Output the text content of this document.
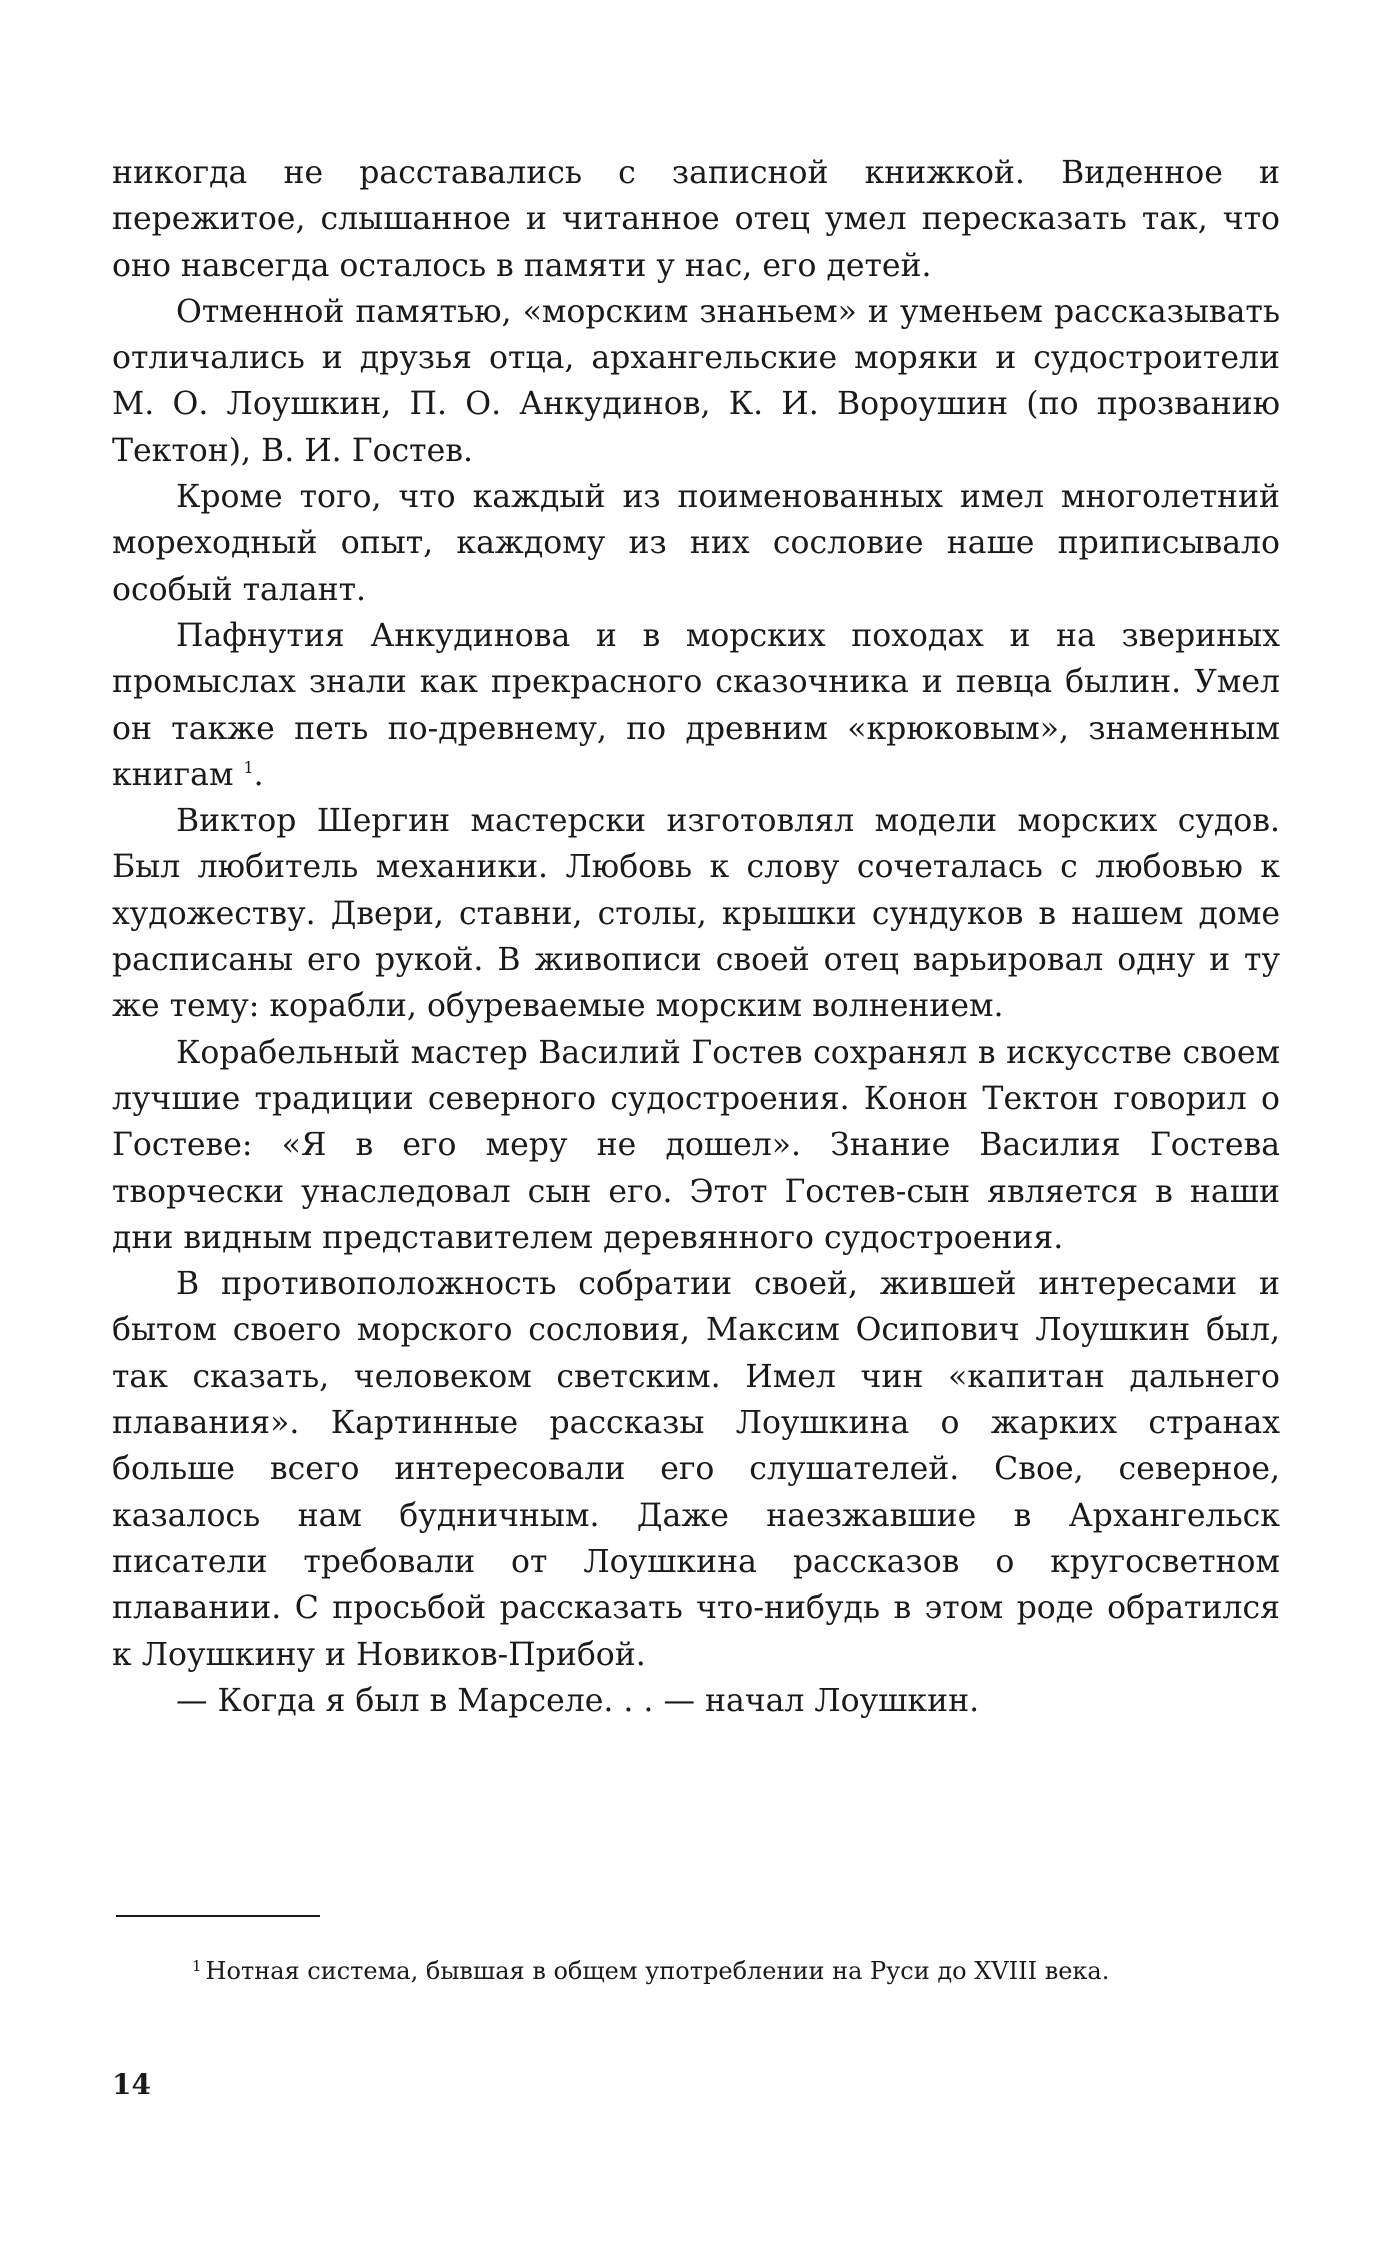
никогда не расставались с записной книжкой. Виденное и пережитое, слышанное и читанное отец умел пересказать так, что оно навсегда осталось в памяти у нас, его детей.

Отменной памятью, «морским знаньем» и уменьем рассказывать отличались и друзья отца, архангельские моряки и судостроители М. О. Лоушкин, П. О. Анкудинов, К. И. Вороушин (по прозванию Тектон), В. И. Гостев.

Кроме того, что каждый из поименованных имел многолетний мореходный опыт, каждому из них сословие наше приписывало особый талант.

Пафнутия Анкудинова и в морских походах и на звериных промыслах знали как прекрасного сказочника и певца былин. Умел он также петь по-древнему, по древним «крюковым», знаменным книгам $^1$.

Виктор Шергин мастерски изготовлял модели морских судов. Был любитель механики. Любовь к слову сочеталась с любовью к художеству. Двери, ставни, столы, крышки сундуков в нашем доме расписаны его рукой. В живописи своей отец варьировал одну и ту же тему: корабли, обуреваемые морским волнением.

Корабельный мастер Василий Гостев сохранял в искусстве своем лучшие традиции северного судостроения. Конон Тектон говорил о Гостеве: «Я в его меру не дошел». Знание Василия Гостева творчески унаследовал сын его. Этот Гостев-сын является в наши дни видным представителем деревянного судостроения.

В противоположность собратии своей, жившей интересами и бытом своего морского сословия, Максим Осипович Лоушкин был, так сказать, человеком светским. Имел чин «капитан дальнего плавания». Картинные рассказы Лоушкина о жарких странах больше всего интересовали его слушателей. Свое, северное, казалось нам будничным. Даже наезжавшие в Архангельск писатели требовали от Лоушкина рассказов о кругосветном плавании. С просьбой рассказать что-нибудь в этом роде обратился к Лоушкину и Новиков-Прибой.

— Когда я был в Марселе. . . — начал Лоушкин.

$^1$ Нотная система, бывшая в общем употреблении на Руси до XVIII века.
14
